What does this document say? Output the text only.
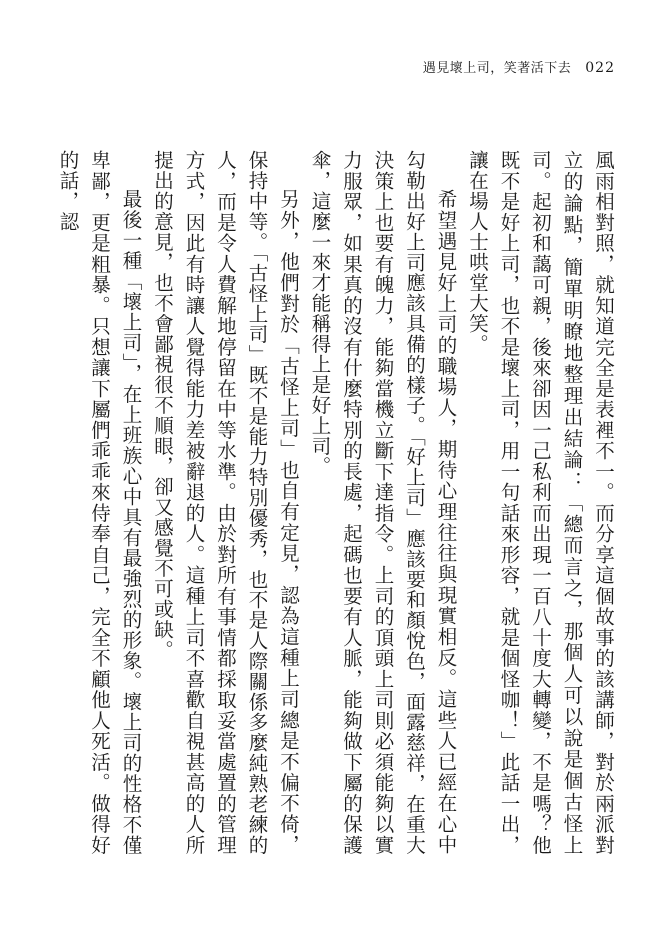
遇見壞上司，笑著活下去 022

風雨相對照，就知道完全是表裡不一。而分享這個故事的該講師，對於兩派對立的論點，簡單明瞭地整理出結論：「總而言之，那個人可以說是個古怪上司。起初和藹可親，後來卻因一己私利而出現一百八十度大轉變，不是嗎？他既不是好上司，也不是壞上司，用一句話來形容，就是個怪咖！」此話一出，讓在場人士哄堂大笑。

希望遇見好上司的職場人，期待心理往往與現實相反。這些人已經在心中勾勒出好上司應該具備的樣子。「好上司」應該要和顏悅色，面露慈祥，在重大決策上也要有魄力，能夠當機立斷下達指令。上司的頂頭上司則必須能夠以實力服眾，如果真的沒有什麼特別的長處，起碼也要有人脈，能夠做下屬的保護傘，這麼一來才能稱得上是好上司。

另外，他們對於「古怪上司」也自有定見，認為這種上司總是不偏不倚，保持中等。「古怪上司」既不是能力特別優秀，也不是人際關係多麼純熟老練的人，而是令人費解地停留在中等水準。由於對所有事情都採取妥當處置的管理方式，因此有時讓人覺得能力差被辭退的人。這種上司不喜歡自視甚高的人所提出的意見，也不會鄙視很不順眼，卻又感覺不可或缺。

最後一種「壞上司」，在上班族心中具有最強烈的形象。壞上司的性格不僅卑鄙，更是粗暴。只想讓下屬們乖乖來侍奉自己，完全不顧他人死活。做得好的話，認
